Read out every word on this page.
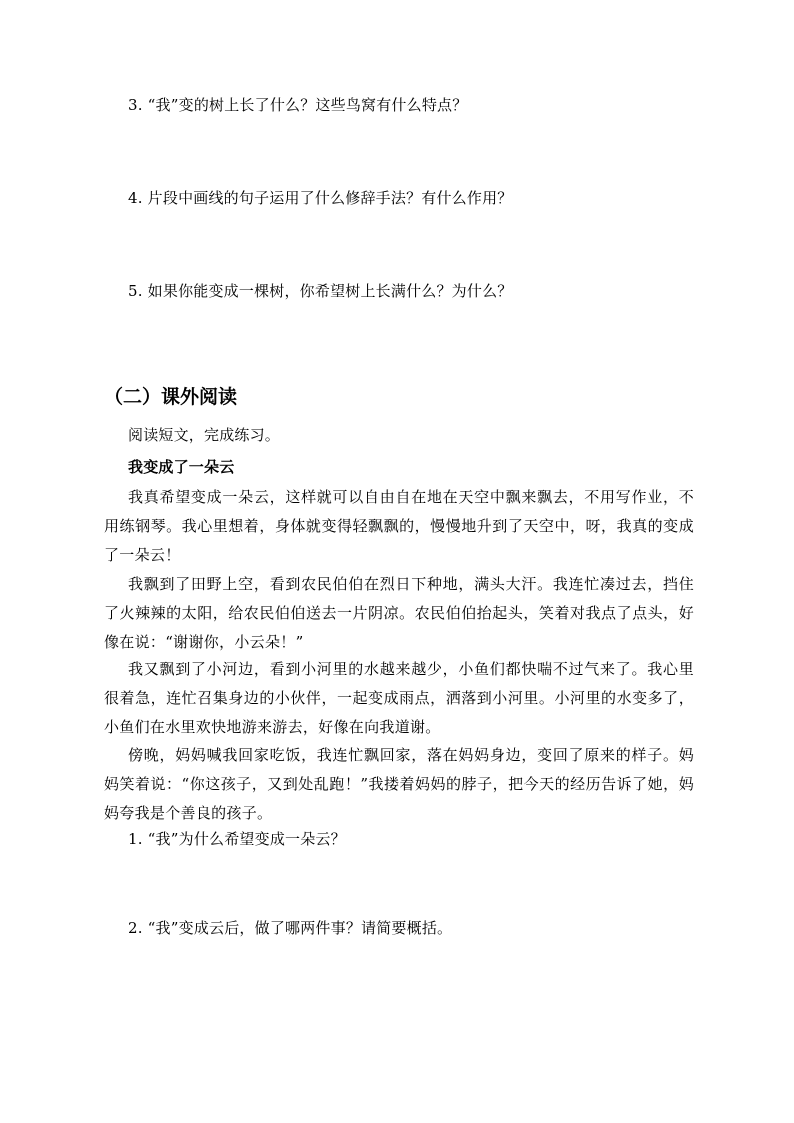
3. “我”变的树上长了什么？这些鸟窝有什么特点？
4. 片段中画线的句子运用了什么修辞手法？有什么作用？
5. 如果你能变成一棵树，你希望树上长满什么？为什么？
（二）课外阅读
阅读短文，完成练习。
我变成了一朵云
我真希望变成一朵云，这样就可以自由自在地在天空中飘来飘去，不用写作业，不用练钢琴。我心里想着，身体就变得轻飘飘的，慢慢地升到了天空中，呀，我真的变成了一朵云！
我飘到了田野上空，看到农民伯伯在烈日下种地，满头大汗。我连忙凑过去，挡住了火辣辣的太阳，给农民伯伯送去一片阴凉。农民伯伯抬起头，笑着对我点了点头，好像在说：“谢谢你，小云朵！”
我又飘到了小河边，看到小河里的水越来越少，小鱼们都快喘不过气来了。我心里很着急，连忙召集身边的小伙伴，一起变成雨点，洒落到小河里。小河里的水变多了，小鱼们在水里欢快地游来游去，好像在向我道谢。
傍晚，妈妈喊我回家吃饭，我连忙飘回家，落在妈妈身边，变回了原来的样子。妈妈笑着说：“你这孩子，又到处乱跑！”我搂着妈妈的脖子，把今天的经历告诉了她，妈妈夸我是个善良的孩子。
1. “我”为什么希望变成一朵云？
2. “我”变成云后，做了哪两件事？请简要概括。
